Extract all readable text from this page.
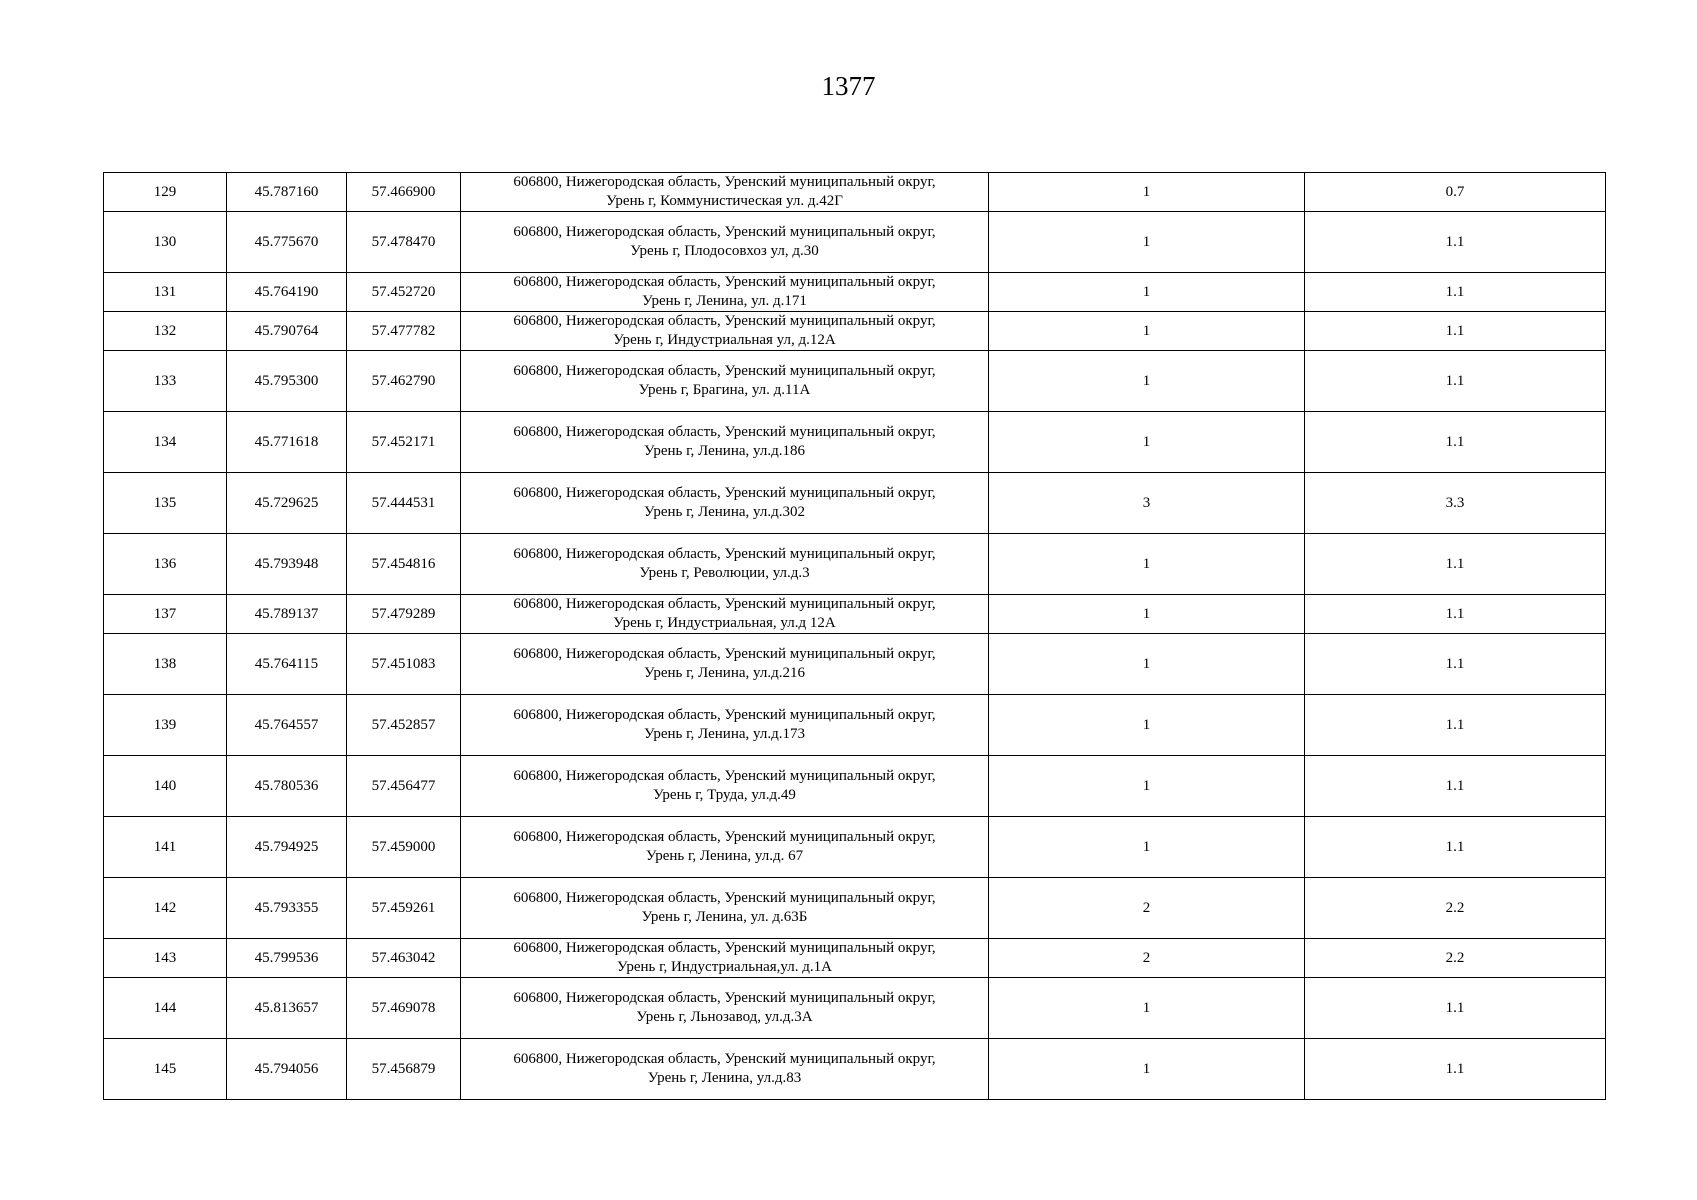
1377
129	45.787160	57.466900	606800, Нижегородская область, Уренский муниципальный округ,
Урень г, Коммунистическая ул. д.42Г	1	0.7
130	45.775670	57.478470	606800, Нижегородская область, Уренский муниципальный округ,
Урень г, Плодосовхоз ул, д.30	1	1.1
131	45.764190	57.452720	606800, Нижегородская область, Уренский муниципальный округ,
Урень г, Ленина, ул. д.171	1	1.1
132	45.790764	57.477782	606800, Нижегородская область, Уренский муниципальный округ,
Урень г, Индустриальная ул, д.12А	1	1.1
133	45.795300	57.462790	606800, Нижегородская область, Уренский муниципальный округ,
Урень г, Брагина, ул. д.11А	1	1.1
134	45.771618	57.452171	606800, Нижегородская область, Уренский муниципальный округ,
Урень г, Ленина, ул.д.186	1	1.1
135	45.729625	57.444531	606800, Нижегородская область, Уренский муниципальный округ,
Урень г, Ленина, ул.д.302	3	3.3
136	45.793948	57.454816	606800, Нижегородская область, Уренский муниципальный округ,
Урень г, Революции, ул.д.3	1	1.1
137	45.789137	57.479289	606800, Нижегородская область, Уренский муниципальный округ,
Урень г, Индустриальная, ул.д 12А	1	1.1
138	45.764115	57.451083	606800, Нижегородская область, Уренский муниципальный округ,
Урень г, Ленина, ул.д.216	1	1.1
139	45.764557	57.452857	606800, Нижегородская область, Уренский муниципальный округ,
Урень г, Ленина, ул.д.173	1	1.1
140	45.780536	57.456477	606800, Нижегородская область, Уренский муниципальный округ,
Урень г, Труда, ул.д.49	1	1.1
141	45.794925	57.459000	606800, Нижегородская область, Уренский муниципальный округ,
Урень г, Ленина, ул.д. 67	1	1.1
142	45.793355	57.459261	606800, Нижегородская область, Уренский муниципальный округ,
Урень г, Ленина, ул. д.63Б	2	2.2
143	45.799536	57.463042	606800, Нижегородская область, Уренский муниципальный округ,
Урень г, Индустриальная,ул. д.1А	2	2.2
144	45.813657	57.469078	606800, Нижегородская область, Уренский муниципальный округ,
Урень г, Льнозавод, ул.д.3А	1	1.1
145	45.794056	57.456879	606800, Нижегородская область, Уренский муниципальный округ,
Урень г, Ленина, ул.д.83	1	1.1
